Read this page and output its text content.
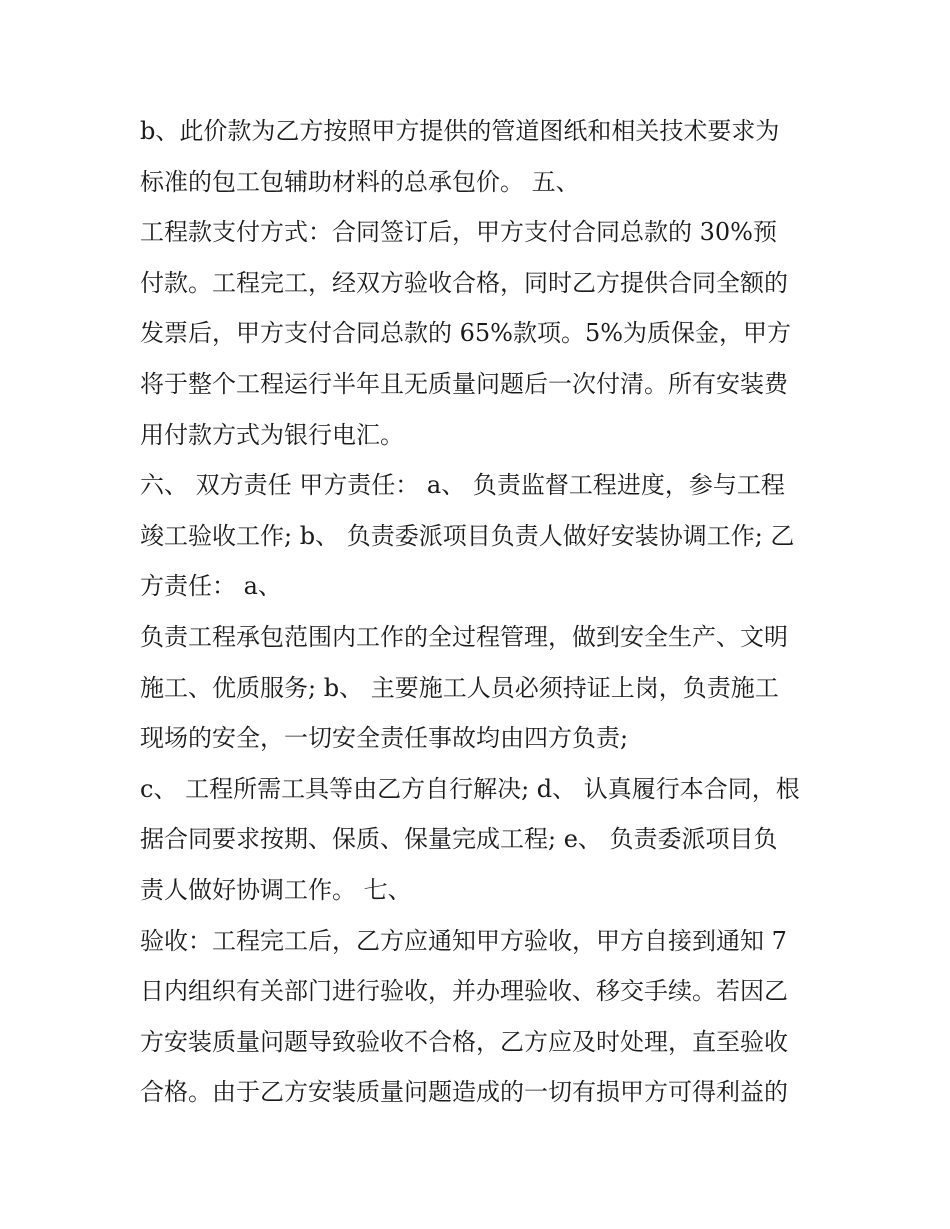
b、此价款为乙方按照甲方提供的管道图纸和相关技术要求为
标准的包工包辅助材料的总承包价。 五、
工程款支付方式：合同签订后，甲方支付合同总款的 30%预
付款。工程完工，经双方验收合格，同时乙方提供合同全额的
发票后，甲方支付合同总款的 65%款项。5%为质保金，甲方
将于整个工程运行半年且无质量问题后一次付清。所有安装费
用付款方式为银行电汇。
六、 双方责任 甲方责任： a、 负责监督工程进度，参与工程
竣工验收工作; b、 负责委派项目负责人做好安装协调工作; 乙
方责任： a、
负责工程承包范围内工作的全过程管理，做到安全生产、文明
施工、优质服务; b、 主要施工人员必须持证上岗，负责施工
现场的安全，一切安全责任事故均由四方负责;
c、 工程所需工具等由乙方自行解决; d、 认真履行本合同，根
据合同要求按期、保质、保量完成工程; e、 负责委派项目负
责人做好协调工作。 七、
验收：工程完工后，乙方应通知甲方验收，甲方自接到通知 7
日内组织有关部门进行验收，并办理验收、移交手续。若因乙
方安装质量问题导致验收不合格，乙方应及时处理，直至验收
合格。由于乙方安装质量问题造成的一切有损甲方可得利益的
